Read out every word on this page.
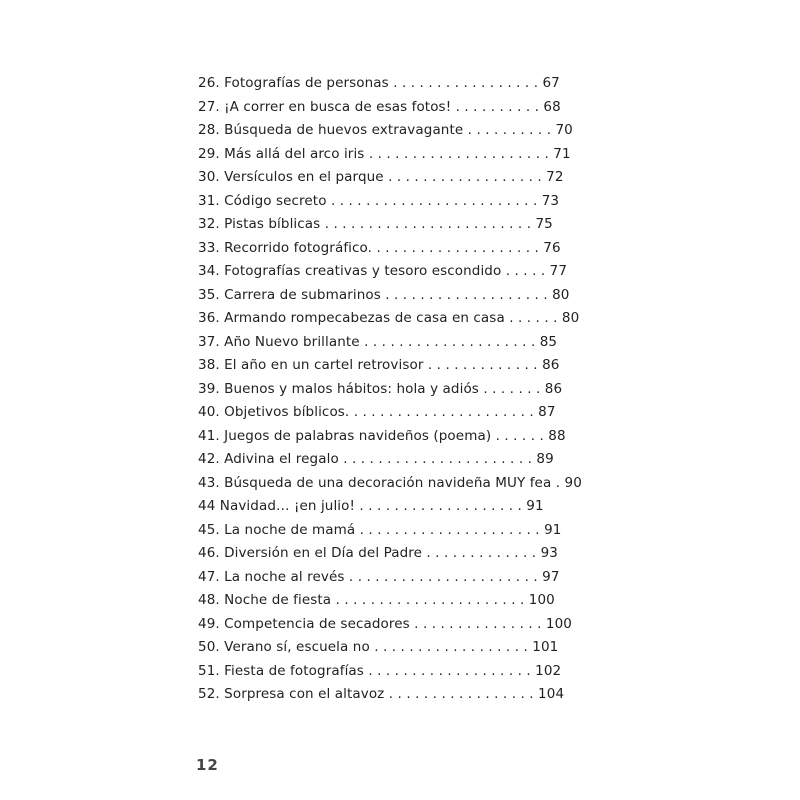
26. Fotografías de personas . . . . . . . . . . . . . . . . . 67
27. ¡A correr en busca de esas fotos! . . . . . . . . . . 68
28. Búsqueda de huevos extravagante . . . . . . . . . . 70
29. Más allá del arco iris . . . . . . . . . . . . . . . . . . . . . 71
30. Versículos en el parque . . . . . . . . . . . . . . . . . . 72
31. Código secreto . . . . . . . . . . . . . . . . . . . . . . . . 73
32. Pistas bíblicas . . . . . . . . . . . . . . . . . . . . . . . . 75
33. Recorrido fotográfico. . . . . . . . . . . . . . . . . . . . 76
34. Fotografías creativas y tesoro escondido . . . . . 77
35. Carrera de submarinos . . . . . . . . . . . . . . . . . . . 80
36. Armando rompecabezas de casa en casa . . . . . . 80
37. Año Nuevo brillante . . . . . . . . . . . . . . . . . . . . 85
38. El año en un cartel retrovisor . . . . . . . . . . . . . 86
39. Buenos y malos hábitos: hola y adiós . . . . . . . 86
40. Objetivos bíblicos. . . . . . . . . . . . . . . . . . . . . . 87
41. Juegos de palabras navideños (poema) . . . . . . 88
42. Adivina el regalo . . . . . . . . . . . . . . . . . . . . . . 89
43. Búsqueda de una decoración navideña MUY fea . 90
44 Navidad… ¡en julio! . . . . . . . . . . . . . . . . . . . 91
45. La noche de mamá . . . . . . . . . . . . . . . . . . . . . 91
46. Diversión en el Día del Padre . . . . . . . . . . . . . 93
47. La noche al revés . . . . . . . . . . . . . . . . . . . . . . 97
48. Noche de fiesta . . . . . . . . . . . . . . . . . . . . . . 100
49. Competencia de secadores . . . . . . . . . . . . . . . 100
50. Verano sí, escuela no . . . . . . . . . . . . . . . . . . 101
51. Fiesta de fotografías . . . . . . . . . . . . . . . . . . . 102
52. Sorpresa con el altavoz . . . . . . . . . . . . . . . . . 104
12
